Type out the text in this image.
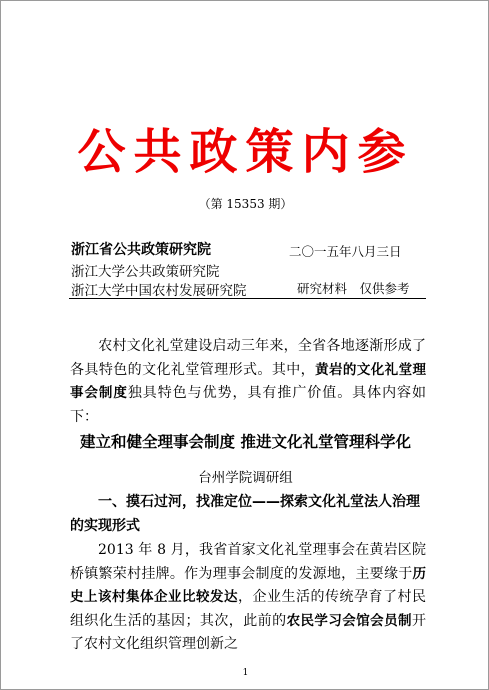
公共政策内参
（第 15353 期）
浙江省公共政策研究院
浙江大学公共政策研究院
浙江大学中国农村发展研究院
二〇一五年八月三日
研究材料　仅供参考
农村文化礼堂建设启动三年来，全省各地逐渐形成了各具特色的文化礼堂管理形式。其中，黄岩的文化礼堂理事会制度独具特色与优势，具有推广价值。具体内容如下：
建立和健全理事会制度 推进文化礼堂管理科学化
台州学院调研组
一、摸石过河，找准定位——探索文化礼堂法人治理的实现形式
2013 年 8 月，我省首家文化礼堂理事会在黄岩区院桥镇繁荣村挂牌。作为理事会制度的发源地，主要缘于历史上该村集体企业比较发达，企业生活的传统孕育了村民组织化生活的基因；其次，此前的农民学习会馆会员制开了农村文化组织管理创新之
1
